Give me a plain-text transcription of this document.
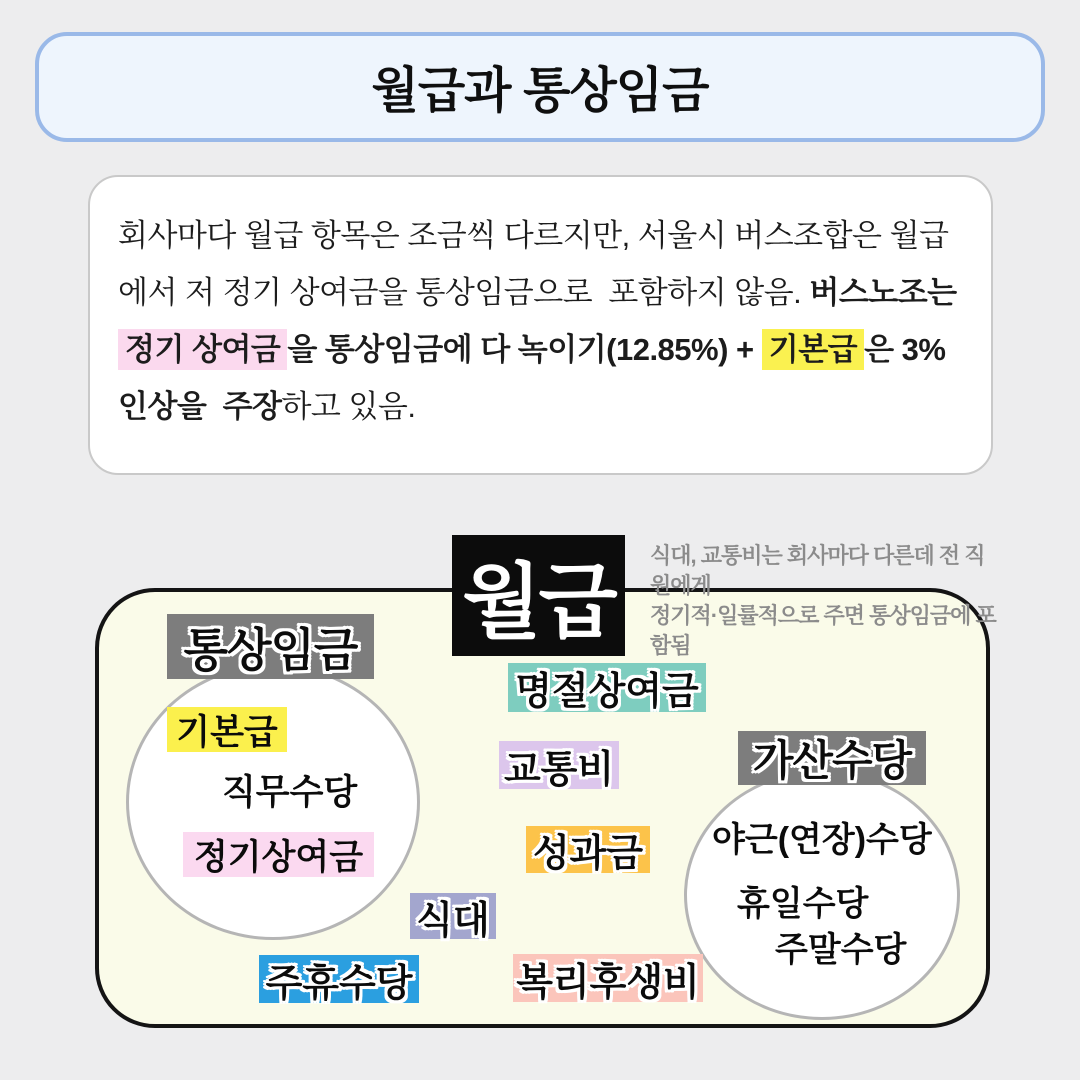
월급과 통상임금
회사마다 월급 항목은 조금씩 다르지만, 서울시 버스조합은 월급
에서 저 정기 상여금을 통상임금으로  포함하지 않음. 버스노조는
정기 상여금 을 통상임금에 다 녹이기(12.85%) + 기본급 은 3%
인상을  주장하고 있음.
월급
식대, 교통비는 회사마다 다른데 전 직원에게
정기적·일률적으로 주면 통상임금에 포함됨
통상임금
가산수당
기본급
직무수당
정기상여금
명절상여금
교통비
성과금
식대
주휴수당	복리후생비
야근(연장)수당
휴일수당
주말수당
